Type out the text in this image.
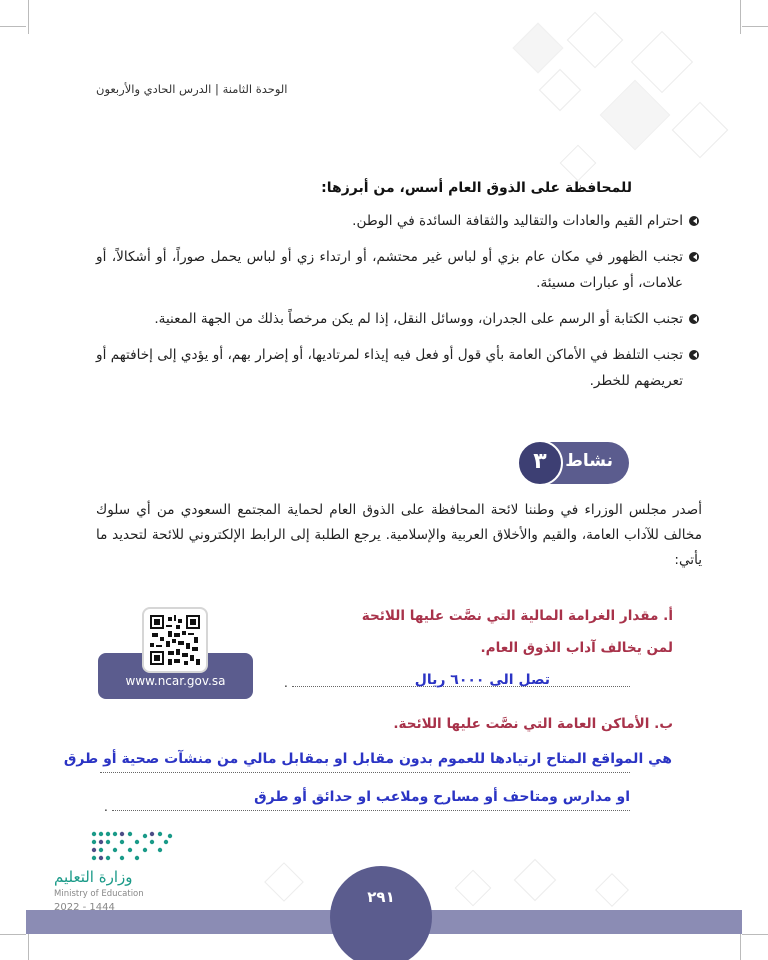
الوحدة الثامنة | الدرس الحادي والأربعون
للمحافظة على الذوق العام أسس، من أبرزها:
احترام القيم والعادات والتقاليد والثقافة السائدة في الوطن.
تجنب الظهور في مكان عام بزي أو لباس غير محتشم، أو ارتداء زي أو لباس يحمل صوراً، أو أشكالاً، أو علامات، أو عبارات مسيئة.
تجنب الكتابة أو الرسم على الجدران، ووسائل النقل، إذا لم يكن مرخصاً بذلك من الجهة المعنية.
تجنب التلفظ في الأماكن العامة بأي قول أو فعل فيه إيذاء لمرتاديها، أو إضرار بهم، أو يؤدي إلى إخافتهم أو تعريضهم للخطر.
نشاط
٣
أصدر مجلس الوزراء في وطننا لائحة المحافظة على الذوق العام لحماية المجتمع السعودي من أي سلوك مخالف للآداب العامة، والقيم والأخلاق العربية والإسلامية. يرجع الطلبة إلى الرابط الإلكتروني للائحة لتحديد ما يأتي:
www.ncar.gov.sa
أ. مقدار الغرامة المالية التي نصَّت عليها اللائحة
لمن يخالف آداب الذوق العام.
تصل الى ٦٠٠٠ ريال
.
ب. الأماكن العامة التي نصَّت عليها اللائحة.
هي المواقع المتاح ارتيادها للعموم بدون مقابل او بمقابل مالي من منشآت صحية أو طرق
او مدارس ومتاحف أو مسارح وملاعب او حدائق أو طرق
.
٢٩١
وزارة التعليم
Ministry of Education
2022 - 1444
